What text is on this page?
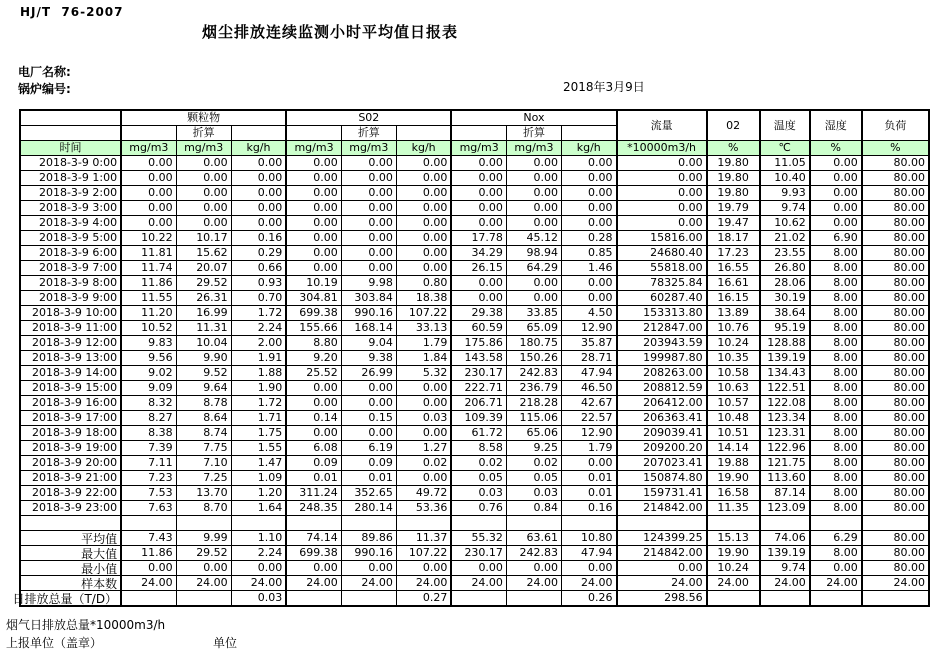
HJ/T  76-2007
烟尘排放连续监测小时平均值日报表
电厂名称:
锅炉编号:	2018年3月9日
	颗粒物			S02			Nox			流量	02	温度	湿度	负荷
		折算			折算			折算						
时间	mg/m3	mg/m3	kg/h	mg/m3	mg/m3	kg/h	mg/m3	mg/m3	kg/h	*10000m3/h	%	℃	%	%
2018-3-9 0:00	0.00	0.00	0.00	0.00	0.00	0.00	0.00	0.00	0.00	0.00	19.80	11.05	0.00	80.00
2018-3-9 1:00	0.00	0.00	0.00	0.00	0.00	0.00	0.00	0.00	0.00	0.00	19.80	10.40	0.00	80.00
2018-3-9 2:00	0.00	0.00	0.00	0.00	0.00	0.00	0.00	0.00	0.00	0.00	19.80	9.93	0.00	80.00
2018-3-9 3:00	0.00	0.00	0.00	0.00	0.00	0.00	0.00	0.00	0.00	0.00	19.79	9.74	0.00	80.00
2018-3-9 4:00	0.00	0.00	0.00	0.00	0.00	0.00	0.00	0.00	0.00	0.00	19.47	10.62	0.00	80.00
2018-3-9 5:00	10.22	10.17	0.16	0.00	0.00	0.00	17.78	45.12	0.28	15816.00	18.17	21.02	6.90	80.00
2018-3-9 6:00	11.81	15.62	0.29	0.00	0.00	0.00	34.29	98.94	0.85	24680.40	17.23	23.55	8.00	80.00
2018-3-9 7:00	11.74	20.07	0.66	0.00	0.00	0.00	26.15	64.29	1.46	55818.00	16.55	26.80	8.00	80.00
2018-3-9 8:00	11.86	29.52	0.93	10.19	9.98	0.80	0.00	0.00	0.00	78325.84	16.61	28.06	8.00	80.00
2018-3-9 9:00	11.55	26.31	0.70	304.81	303.84	18.38	0.00	0.00	0.00	60287.40	16.15	30.19	8.00	80.00
2018-3-9 10:00	11.20	16.99	1.72	699.38	990.16	107.22	29.38	33.85	4.50	153313.80	13.89	38.64	8.00	80.00
2018-3-9 11:00	10.52	11.31	2.24	155.66	168.14	33.13	60.59	65.09	12.90	212847.00	10.76	95.19	8.00	80.00
2018-3-9 12:00	9.83	10.04	2.00	8.80	9.04	1.79	175.86	180.75	35.87	203943.59	10.24	128.88	8.00	80.00
2018-3-9 13:00	9.56	9.90	1.91	9.20	9.38	1.84	143.58	150.26	28.71	199987.80	10.35	139.19	8.00	80.00
2018-3-9 14:00	9.02	9.52	1.88	25.52	26.99	5.32	230.17	242.83	47.94	208263.00	10.58	134.43	8.00	80.00
2018-3-9 15:00	9.09	9.64	1.90	0.00	0.00	0.00	222.71	236.79	46.50	208812.59	10.63	122.51	8.00	80.00
2018-3-9 16:00	8.32	8.78	1.72	0.00	0.00	0.00	206.71	218.28	42.67	206412.00	10.57	122.08	8.00	80.00
2018-3-9 17:00	8.27	8.64	1.71	0.14	0.15	0.03	109.39	115.06	22.57	206363.41	10.48	123.34	8.00	80.00
2018-3-9 18:00	8.38	8.74	1.75	0.00	0.00	0.00	61.72	65.06	12.90	209039.41	10.51	123.31	8.00	80.00
2018-3-9 19:00	7.39	7.75	1.55	6.08	6.19	1.27	8.58	9.25	1.79	209200.20	14.14	122.96	8.00	80.00
2018-3-9 20:00	7.11	7.10	1.47	0.09	0.09	0.02	0.02	0.02	0.00	207023.41	19.88	121.75	8.00	80.00
2018-3-9 21:00	7.23	7.25	1.09	0.01	0.01	0.00	0.05	0.05	0.01	150874.80	19.90	113.60	8.00	80.00
2018-3-9 22:00	7.53	13.70	1.20	311.24	352.65	49.72	0.03	0.03	0.01	159731.41	16.58	87.14	8.00	80.00
2018-3-9 23:00	7.63	8.70	1.64	248.35	280.14	53.36	0.76	0.84	0.16	214842.00	11.35	123.09	8.00	80.00

平均值	7.43	9.99	1.10	74.14	89.86	11.37	55.32	63.61	10.80	124399.25	15.13	74.06	6.29	80.00

最大值	11.86	29.52	2.24	699.38	990.16	107.22	230.17	242.83	47.94	214842.00	19.90	139.19	8.00	80.00

最小值	0.00	0.00	0.00	0.00	0.00	0.00	0.00	0.00	0.00	0.00	10.24	9.74	0.00	80.00

样本数	24.00	24.00	24.00	24.00	24.00	24.00	24.00	24.00	24.00	24.00	24.00	24.00	24.00	24.00

日排放总量（T/D）			0.03			0.27			0.26	298.56				
烟气日排放总量*10000m3/h
上报单位（盖章）	单位
